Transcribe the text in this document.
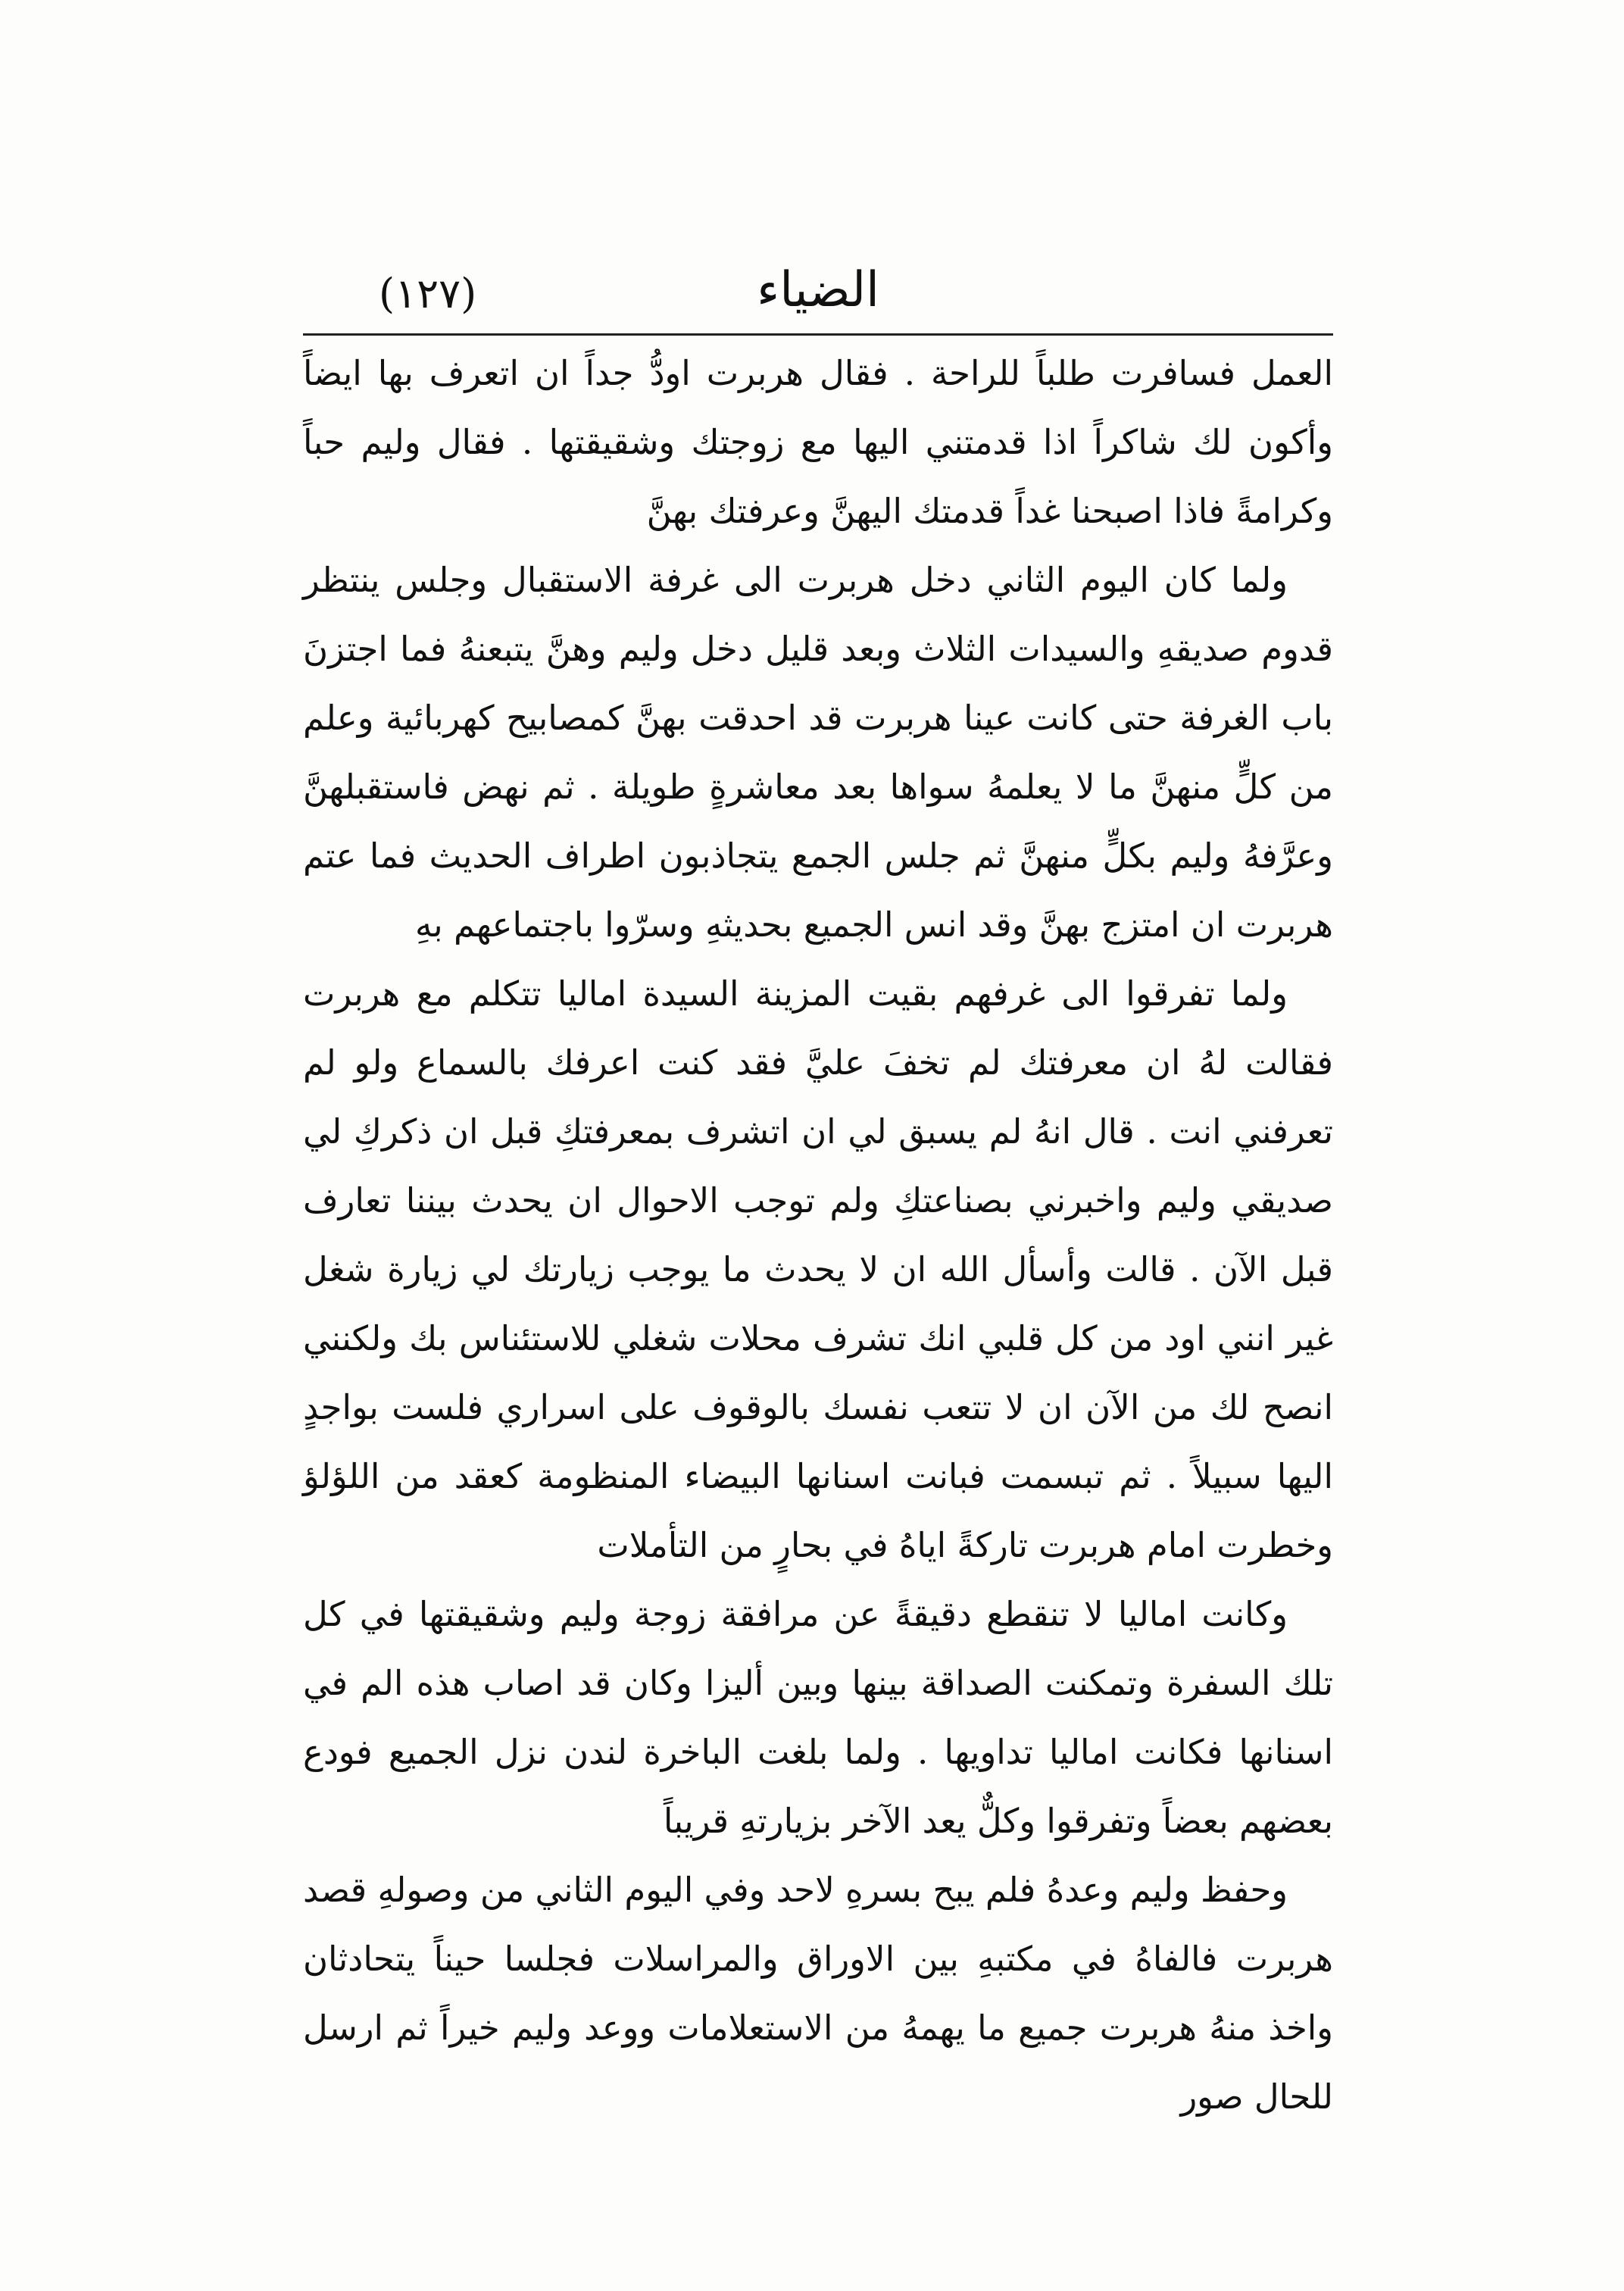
الضياء
(١٢٧)

العمل فسافرت طلباً للراحة . فقال هربرت اودُّ جداً ان اتعرف بها ايضاً وأكون لك شاكراً اذا قدمتني اليها مع زوجتك وشقيقتها . فقال وليم حباً وكرامةً فاذا اصبحنا غداً قدمتك اليهنَّ وعرفتك بهنَّ

ولما كان اليوم الثاني دخل هربرت الى غرفة الاستقبال وجلس ينتظر قدوم صديقهِ والسيدات الثلاث وبعد قليل دخل وليم وهنَّ يتبعنهُ فما اجتزنَ باب الغرفة حتى كانت عينا هربرت قد احدقت بهنَّ كمصابيح كهربائية وعلم من كلٍّ منهنَّ ما لا يعلمهُ سواها بعد معاشرةٍ طويلة . ثم نهض فاستقبلهنَّ وعرَّفهُ وليم بكلٍّ منهنَّ ثم جلس الجمع يتجاذبون اطراف الحديث فما عتم هربرت ان امتزج بهنَّ وقد انس الجميع بحديثهِ وسرّوا باجتماعهم بهِ

ولما تفرقوا الى غرفهم بقيت المزينة السيدة اماليا تتكلم مع هربرت فقالت لهُ ان معرفتك لم تخفَ عليَّ فقد كنت اعرفك بالسماع ولو لم تعرفني انت . قال انهُ لم يسبق لي ان اتشرف بمعرفتكِ قبل ان ذكركِ لي صديقي وليم واخبرني بصناعتكِ ولم توجب الاحوال ان يحدث بيننا تعارف قبل الآن . قالت وأسأل الله ان لا يحدث ما يوجب زيارتك لي زيارة شغل غير انني اود من كل قلبي انك تشرف محلات شغلي للاستئناس بك ولكنني انصح لك من الآن ان لا تتعب نفسك بالوقوف على اسراري فلست بواجدٍ اليها سبيلاً . ثم تبسمت فبانت اسنانها البيضاء المنظومة كعقد من اللؤلؤ وخطرت امام هربرت تاركةً اياهُ في بحارٍ من التأملات

وكانت اماليا لا تنقطع دقيقةً عن مرافقة زوجة وليم وشقيقتها في كل تلك السفرة وتمكنت الصداقة بينها وبين أليزا وكان قد اصاب هذه الم في اسنانها فكانت اماليا تداويها . ولما بلغت الباخرة لندن نزل الجميع فودع بعضهم بعضاً وتفرقوا وكلٌّ يعد الآخر بزيارتهِ قريباً

وحفظ وليم وعدهُ فلم يبح بسرهِ لاحد وفي اليوم الثاني من وصولهِ قصد هربرت فالفاهُ في مكتبهِ بين الاوراق والمراسلات فجلسا حيناً يتحادثان واخذ منهُ هربرت جميع ما يهمهُ من الاستعلامات ووعد وليم خيراً ثم ارسل للحال صور
